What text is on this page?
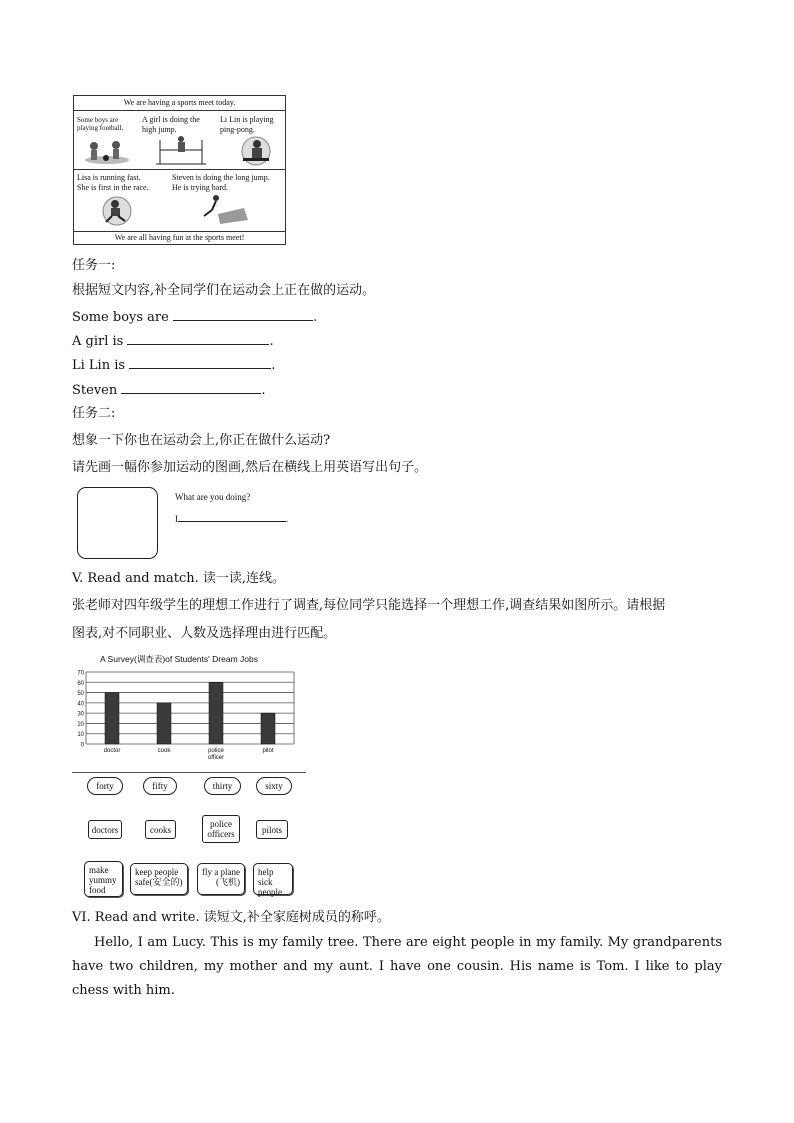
We are having a sports meet today.
Some boys are
playing football.
A girl is doing the
high jump.
Li Lin is playing
ping-pong.
Lisa is running fast.
She is first in the race.
Steven is doing the long jump.
He is trying hard.
We are all having fun at the sports meet!
任务一:
根据短文内容,补全同学们在运动会上正在做的运动。
Some boys are	.
A girl is	.
Li Lin is	.
Steven	.
任务二:
想象一下你也在运动会上,你正在做什么运动?
请先画一幅你参加运动的图画,然后在横线上用英语写出句子。
What are you doing?
I	.
V. Read and match. 读一读,连线。
张老师对四年级学生的理想工作进行了调查,每位同学只能选择一个理想工作,调查结果如图所示。请根据
图表,对不同职业、人数及选择理由进行匹配。
A Survey(调查表)of Students' Dream Jobs
0
10
20
30
40
50
60
70
doctor	cook	police
officer
pilot
forty	fifty	thirty	sixty
doctors	cooks
police
officers	pilots
make
yummy
food
keep people
safe(安全的)
fly a plane
(飞机)
help sick
people
VI. Read and write. 读短文,补全家庭树成员的称呼。
Hello, I am Lucy. This is my family tree. There are eight people in my family. My grandparents have two children, my mother and my aunt. I have one cousin. His name is Tom. I like to play chess with him.
